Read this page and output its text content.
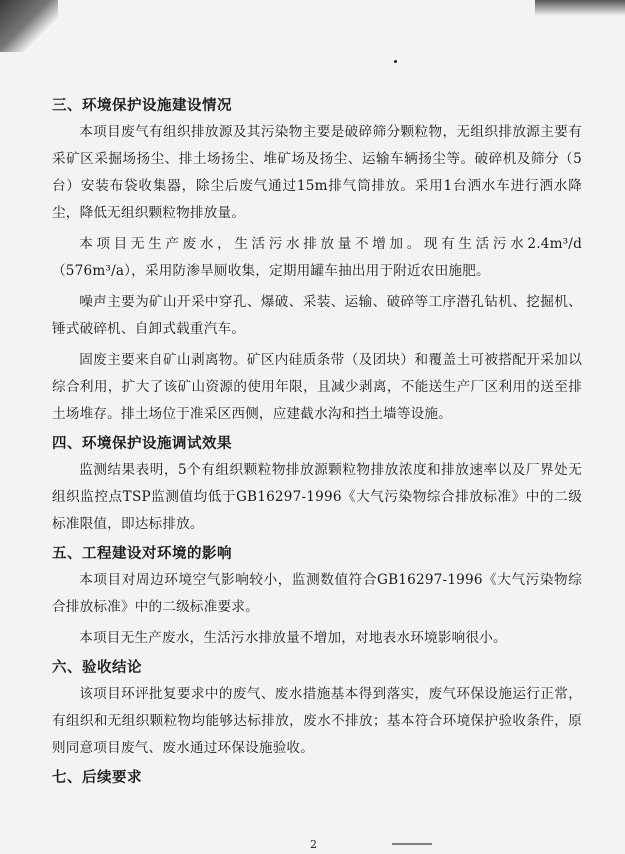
三、环境保护设施建设情况

本项目废气有组织排放源及其污染物主要是破碎筛分颗粒物，无组织排放源主要有采矿区采掘场扬尘、排土场扬尘、堆矿场及扬尘、运输车辆扬尘等。破碎机及筛分（5台）安装布袋收集器，除尘后废气通过15m排气筒排放。采用1台洒水车进行洒水降尘，降低无组织颗粒物排放量。

本项目无生产废水，生活污水排放量不增加。现有生活污水2.4m³/d（576m³/a），采用防渗旱厕收集，定期用罐车抽出用于附近农田施肥。

噪声主要为矿山开采中穿孔、爆破、采装、运输、破碎等工序潜孔钻机、挖掘机、锤式破碎机、自卸式载重汽车。

固废主要来自矿山剥离物。矿区内硅质条带（及团块）和覆盖土可被搭配开采加以综合利用，扩大了该矿山资源的使用年限，且减少剥离，不能送生产厂区利用的送至排土场堆存。排土场位于准采区西侧，应建截水沟和挡土墙等设施。

四、环境保护设施调试效果

监测结果表明，5个有组织颗粒物排放源颗粒物排放浓度和排放速率以及厂界处无组织监控点TSP监测值均低于GB16297-1996《大气污染物综合排放标准》中的二级标准限值，即达标排放。

五、工程建设对环境的影响

本项目对周边环境空气影响较小，监测数值符合GB16297-1996《大气污染物综合排放标准》中的二级标准要求。

本项目无生产废水，生活污水排放量不增加，对地表水环境影响很小。

六、验收结论

该项目环评批复要求中的废气、废水措施基本得到落实，废气环保设施运行正常，有组织和无组织颗粒物均能够达标排放，废水不排放；基本符合环境保护验收条件，原则同意项目废气、废水通过环保设施验收。

七、后续要求
2
